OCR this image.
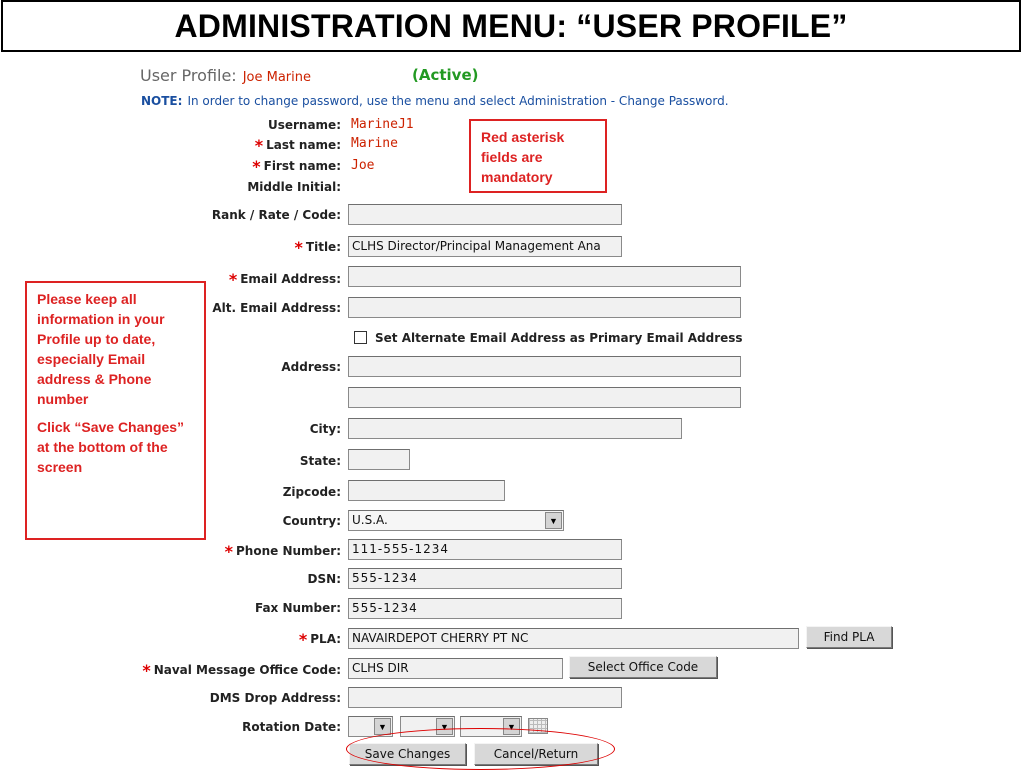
ADMINISTRATION MENU: “USER PROFILE”
User Profile: Joe Marine	(Active)
NOTE: In order to change password, use the menu and select Administration - Change Password.
Username: MarineJ1
* Last name: Marine
* First name: Joe
Middle Initial:
Rank / Rate / Code:
* Title: CLHS Director/Principal Management Ana
* Email Address:
Alt. Email Address:
Set Alternate Email Address as Primary Email Address
Address:
City:
State:
Zipcode:
Country: U.S.A.	▼
* Phone Number: 111-555-1234
DSN: 555-1234
Fax Number: 555-1234
* PLA: NAVAIRDEPOT CHERRY PT NC	Find PLA
* Naval Message Office Code: CLHS DIR	Select Office Code
DMS Drop Address:
Rotation Date:	▼	▼	▼
Save Changes	Cancel/Return
Red asterisk fields are mandatory

Please keep all information in your Profile up to date, especially Email address & Phone number

Click “Save Changes” at the bottom of the screen
